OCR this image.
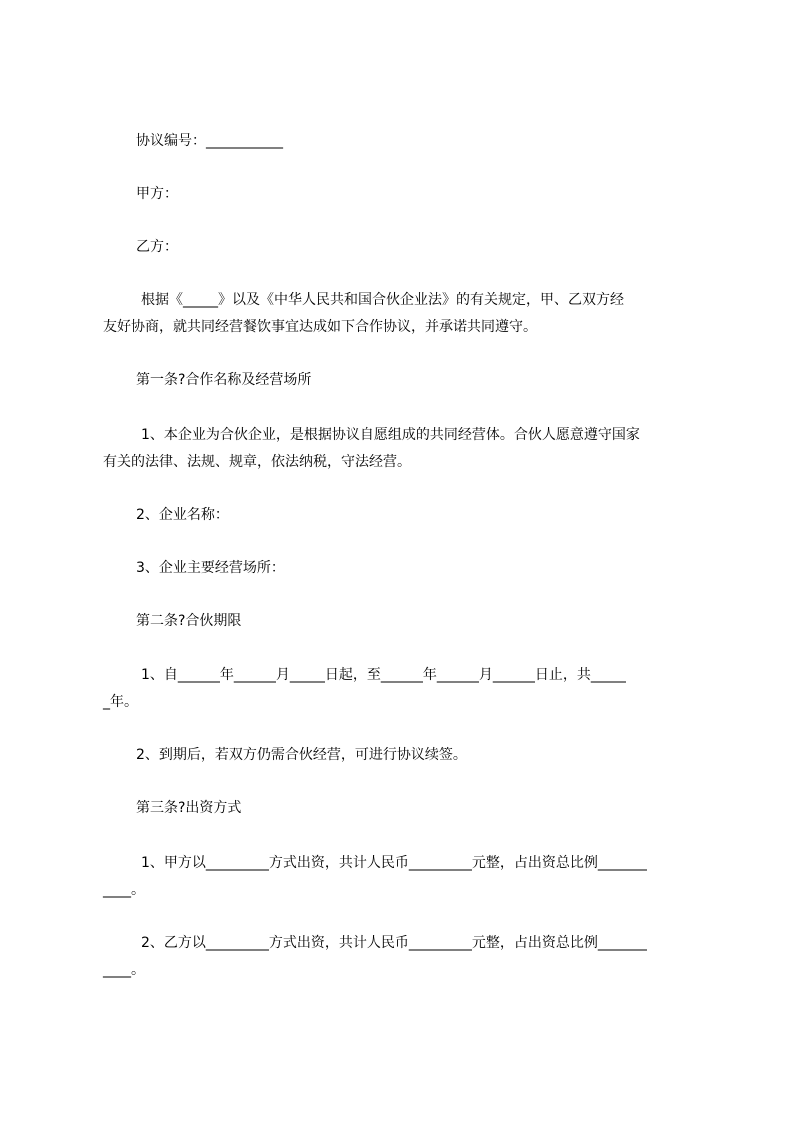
协议编号：___________

甲方：

乙方：

根据《_____》以及《中华人民共和国合伙企业法》的有关规定，甲、乙双方经

友好协商，就共同经营餐饮事宜达成如下合作协议，并承诺共同遵守。

第一条?合作名称及经营场所

1、本企业为合伙企业，是根据协议自愿组成的共同经营体。合伙人愿意遵守国家

有关的法律、法规、规章，依法纳税，守法经营。

2、企业名称：

3、企业主要经营场所：

第二条?合伙期限

1、自______年______月_____日起，至______年______月______日止，共_____

_年。

2、到期后，若双方仍需合伙经营，可进行协议续签。

第三条?出资方式

1、甲方以_________方式出资，共计人民币_________元整，占出资总比例_______

____。

2、乙方以_________方式出资，共计人民币_________元整，占出资总比例_______

____。
